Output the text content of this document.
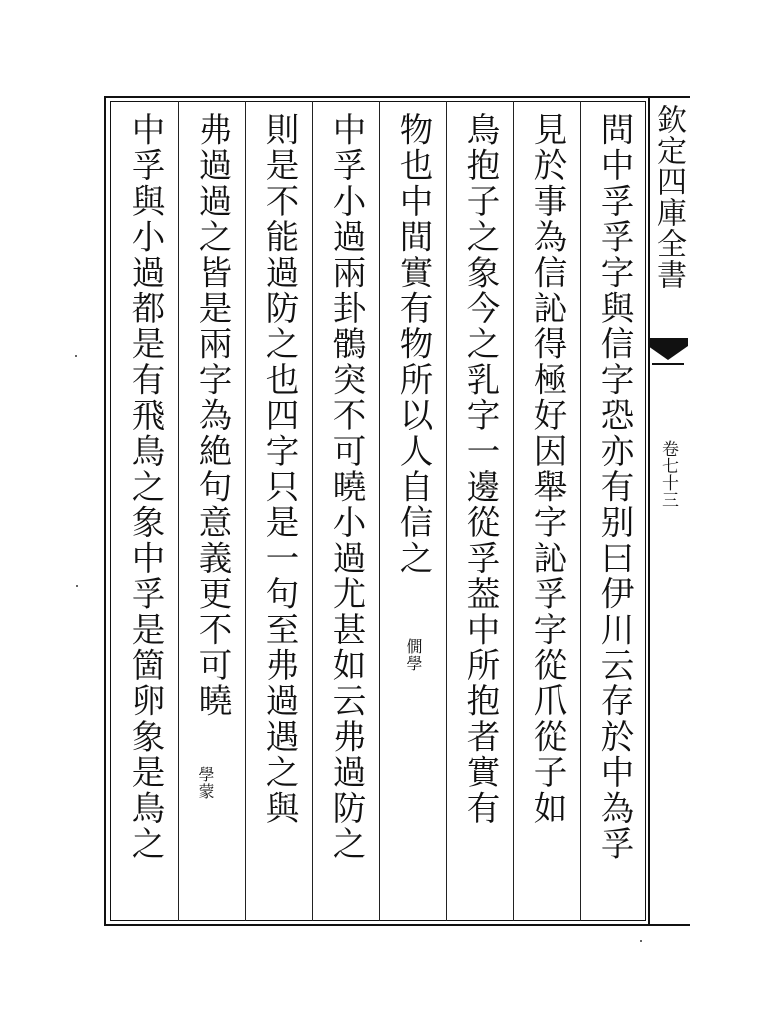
欽定四庫全書
卷七十三
問中孚孚字與信字恐亦有别曰伊川云存於中為孚
見於事為信訫得極好因舉字訫孚字從爪從子如
鳥抱子之象今之乳字一邊從孚葢中所抱者實有
物也中間實有物所以人自信之
僩學
中孚小過兩卦鶻突不可曉小過尤甚如云弗過防之
則是不能過防之也四字只是一句至弗過遇之與
弗過過之皆是兩字為絶句意義更不可曉
學蒙
中孚與小過都是有飛鳥之象中孚是箇卵象是鳥之
